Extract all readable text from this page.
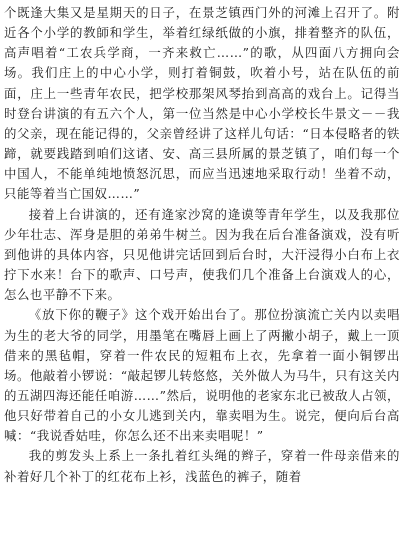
个既逢大集又是星期天的日子，在景芝镇西门外的河滩上召开了。附近各个小学的教師和学生，举着红绿纸做的小旗，排着整齐的队伍，高声唱着“工农兵学商，一齐来救亡……”的歌，从四面八方拥向会场。我们庄上的中心小学，则打着铜鼓，吹着小号，站在队伍的前面，庄上一些青年农民，把学校那架风琴抬到高高的戏台上。记得当时登台讲演的有五六个人，第一位当然是中心小学校长牛景文－－我的父亲，现在能记得的，父亲曾经讲了这样儿句话：“日本侵略者的铁蹄，就要践踏到咱们这诸、安、高三县所属的景芝镇了，咱们每一个中国人，不能单纯地愤怒沉思，而应当迅速地采取行动！坐着不动，只能等着当亡国奴……”

接着上台讲演的，还有逄家沙窝的逄谟等青年学生，以及我那位少年壮志、浑身是胆的弟弟牛树兰。因为我在后台准备演戏，没有听到他讲的具体内容，只见他讲完话回到后台时，大汗浸得小白布上衣拧下水来！台下的歌声、口号声，使我们几个准备上台演戏人的心，怎么也平静不下来。

《放下你的鞭子》这个戏开始出台了。那位扮演流亡关内以卖唱为生的老大爷的同学，用墨笔在嘴唇上画上了两撇小胡子，戴上一顶借来的黑毡帽，穿着一件农民的短粗布上衣，先拿着一面小铜锣出场。他敲着小锣说：“敲起锣儿转悠悠，关外做人为马牛，只有这关内的五湖四海还能任咱游……”然后，说明他的老家东北已被敌人占领，他只好带着自己的小女儿逃到关内，靠卖唱为生。说完，便向后台高喊：“我说香姑哇，你怎么还不出来卖唱呢！”

我的剪发头上系上一条扎着红头绳的辫子，穿着一件母亲借来的补着好几个补丁的红花布上衫，浅蓝色的裤子，随着
